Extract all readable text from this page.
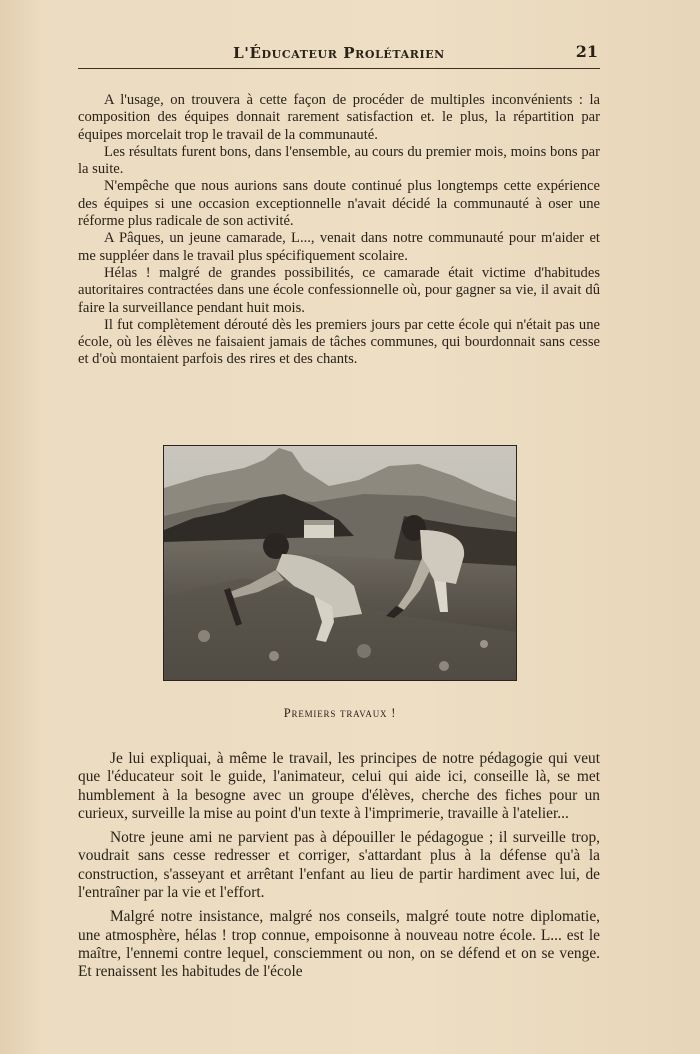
L'Éducateur Prolétarien	21

A l'usage, on trouvera à cette façon de procéder de multiples inconvénients : la composition des équipes donnait rarement satisfaction et. le plus, la répartition par équipes morcelait trop le travail de la communauté.

Les résultats furent bons, dans l'ensemble, au cours du premier mois, moins bons par la suite.

N'empêche que nous aurions sans doute continué plus longtemps cette expérience des équipes si une occasion exceptionnelle n'avait décidé la communauté à oser une réforme plus radicale de son activité.

A Pâques, un jeune camarade, L..., venait dans notre communauté pour m'aider et me suppléer dans le travail plus spécifiquement scolaire.

Hélas ! malgré de grandes possibilités, ce camarade était victime d'habitudes autoritaires contractées dans une école confessionnelle où, pour gagner sa vie, il avait dû faire la surveillance pendant huit mois.

Il fut complètement dérouté dès les premiers jours par cette école qui n'était pas une école, où les élèves ne faisaient jamais de tâches communes, qui bourdonnait sans cesse et d'où montaient parfois des rires et des chants.

Premiers travaux !

Je lui expliquai, à même le travail, les principes de notre pédagogie qui veut que l'éducateur soit le guide, l'animateur, celui qui aide ici, conseille là, se met humblement à la besogne avec un groupe d'élèves, cherche des fiches pour un curieux, surveille la mise au point d'un texte à l'imprimerie, travaille à l'atelier...

Notre jeune ami ne parvient pas à dépouiller le pédagogue ; il surveille trop, voudrait sans cesse redresser et corriger, s'attardant plus à la défense qu'à la construction, s'asseyant et arrêtant l'enfant au lieu de partir hardiment avec lui, de l'entraîner par la vie et l'effort.

Malgré notre insistance, malgré nos conseils, malgré toute notre diplomatie, une atmosphère, hélas ! trop connue, empoisonne à nouveau notre école. L... est le maître, l'ennemi contre lequel, consciemment ou non, on se défend et on se venge. Et renaissent les habitudes de l'école
